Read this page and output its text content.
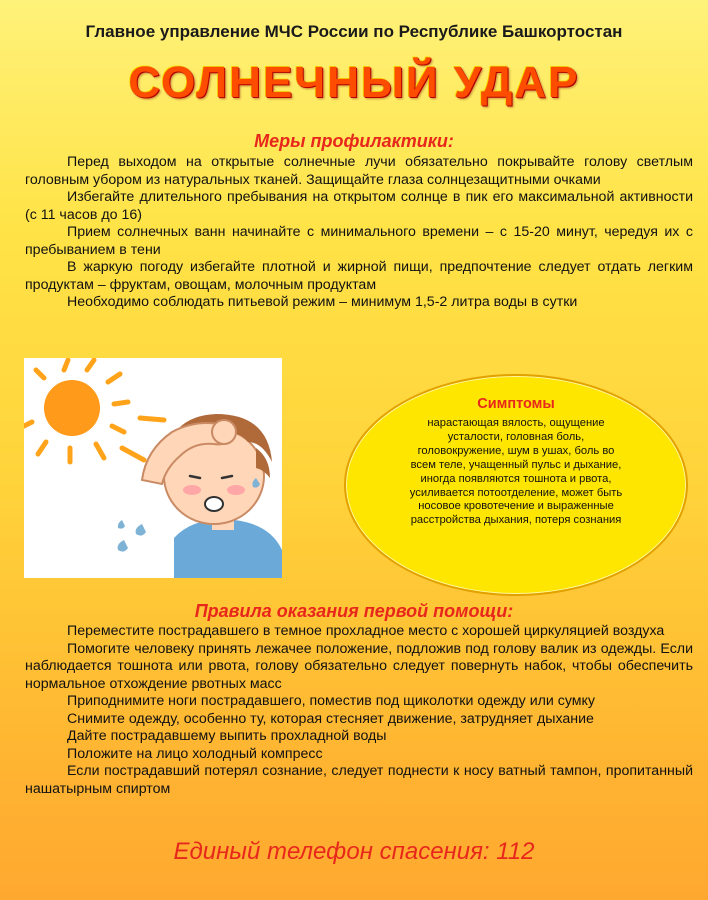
Главное управление МЧС России по Республике Башкортостан
СОЛНЕЧНЫЙ УДАР
Меры профилактики:
Перед выходом на открытые солнечные лучи обязательно покрывайте голову светлым головным убором из натуральных тканей. Защищайте глаза солнцезащитными очками
Избегайте длительного пребывания на открытом солнце в пик его максимальной активности (с 11 часов до 16)
Прием солнечных ванн начинайте с минимального времени – с 15-20 минут, чередуя их с пребыванием в тени
В жаркую погоду избегайте плотной и жирной пищи, предпочтение следует отдать легким продуктам – фруктам, овощам, молочным продуктам
Необходимо соблюдать питьевой режим – минимум 1,5-2 литра воды в сутки
Симптомы
нарастающая вялость, ощущение усталости, головная боль, головокружение, шум в ушах, боль во всем теле, учащенный пульс и дыхание, иногда появляются тошнота и рвота, усиливается потоотделение, может быть носовое кровотечение и выраженные расстройства дыхания, потеря сознания
Правила оказания первой помощи:
Переместите пострадавшего в темное прохладное место с хорошей циркуляцией воздуха
Помогите человеку принять лежачее положение, подложив под голову валик из одежды. Если наблюдается тошнота или рвота, голову обязательно следует повернуть набок, чтобы обеспечить нормальное отхождение рвотных масс
Приподнимите ноги пострадавшего, поместив под щиколотки одежду или сумку
Снимите одежду, особенно ту, которая стесняет движение, затрудняет дыхание
Дайте пострадавшему выпить прохладной воды
Положите на лицо холодный компресс
Если пострадавший потерял сознание, следует поднести к носу ватный тампон, пропитанный нашатырным спиртом
Единый телефон спасения: 112
